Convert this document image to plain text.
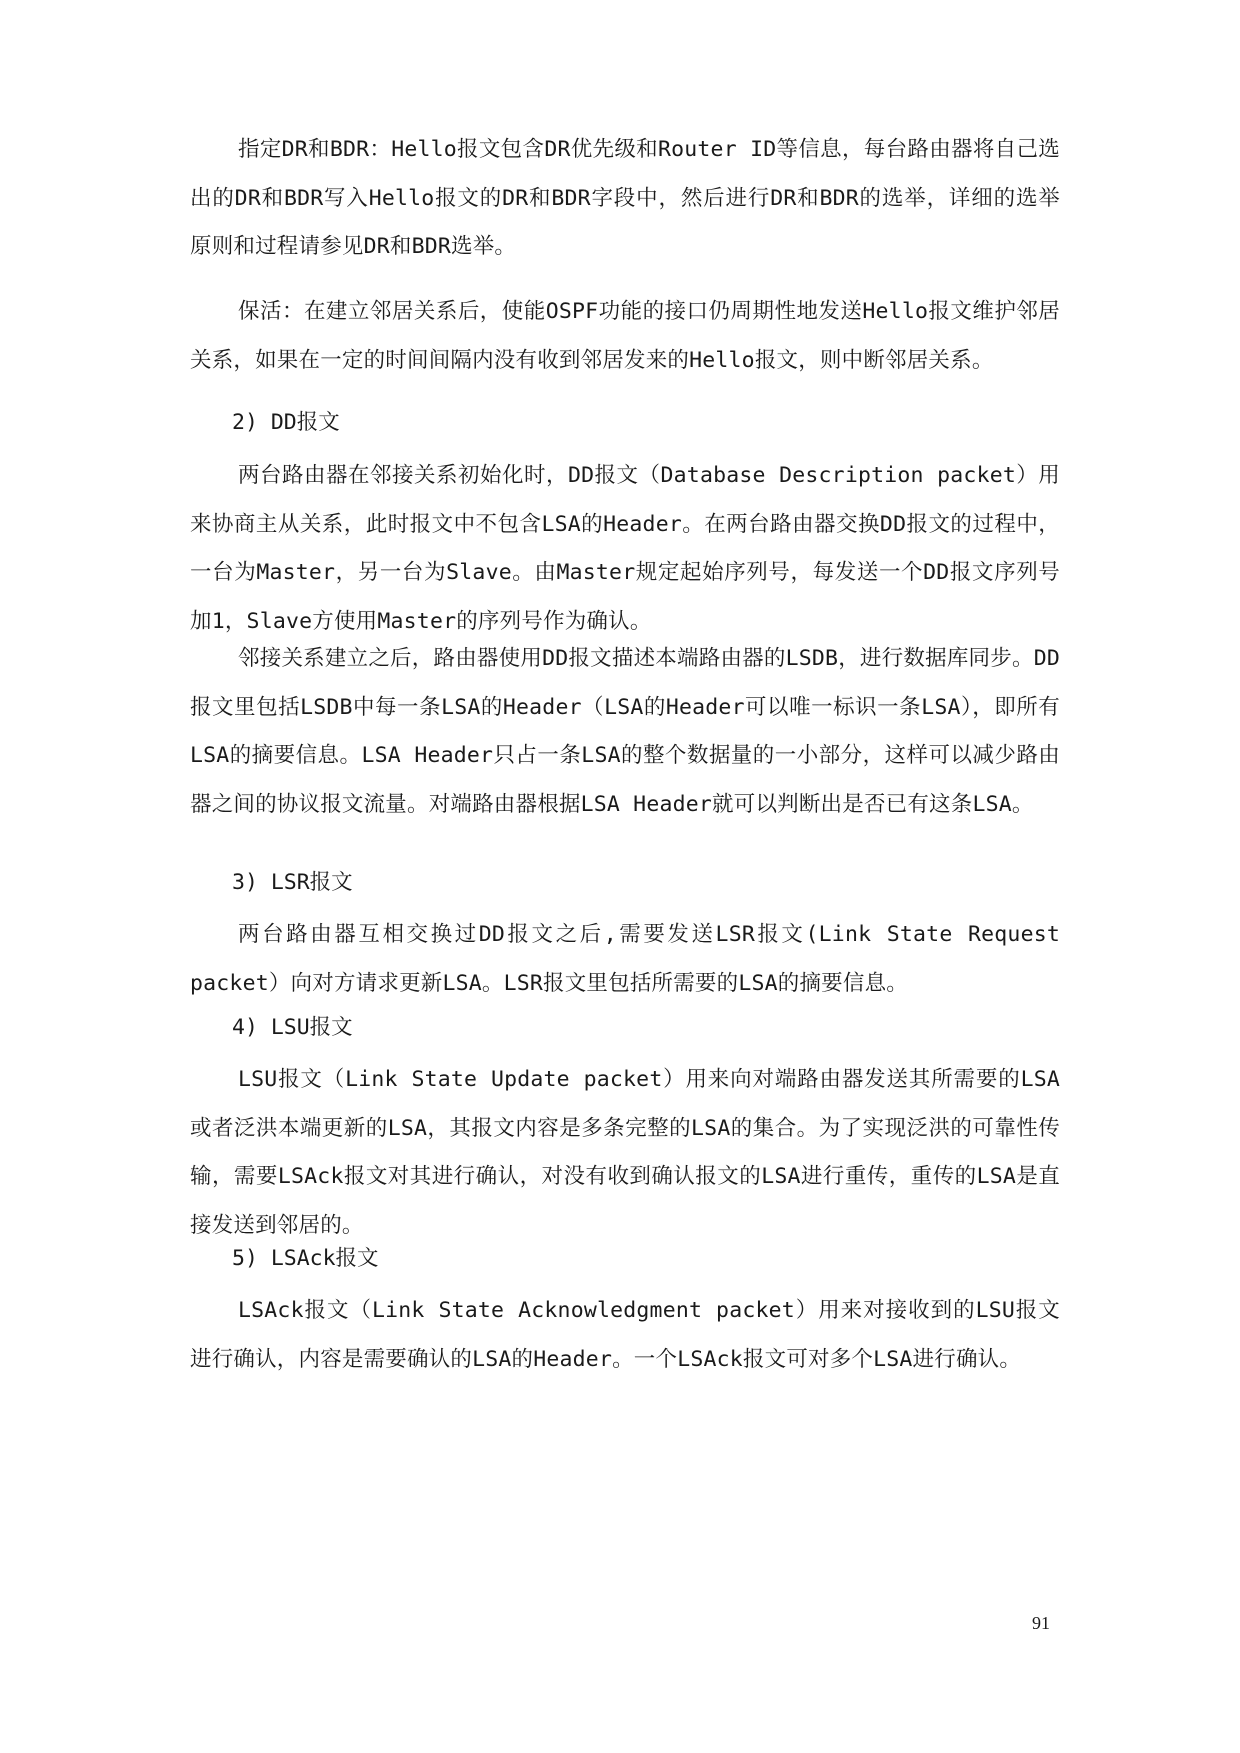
指定DR和BDR：Hello报文包含DR优先级和Router ID等信息，每台路由器将自己选出的DR和BDR写入Hello报文的DR和BDR字段中，然后进行DR和BDR的选举，详细的选举原则和过程请参见DR和BDR选举。

保活：在建立邻居关系后，使能OSPF功能的接口仍周期性地发送Hello报文维护邻居关系，如果在一定的时间间隔内没有收到邻居发来的Hello报文，则中断邻居关系。

2) DD报文

两台路由器在邻接关系初始化时，DD报文（Database Description packet）用来协商主从关系，此时报文中不包含LSA的Header。在两台路由器交换DD报文的过程中，一台为Master，另一台为Slave。由Master规定起始序列号，每发送一个DD报文序列号加1，Slave方使用Master的序列号作为确认。

邻接关系建立之后，路由器使用DD报文描述本端路由器的LSDB，进行数据库同步。DD报文里包括LSDB中每一条LSA的Header（LSA的Header可以唯一标识一条LSA），即所有LSA的摘要信息。LSA Header只占一条LSA的整个数据量的一小部分，这样可以减少路由器之间的协议报文流量。对端路由器根据LSA Header就可以判断出是否已有这条LSA。

3) LSR报文

两台路由器互相交换过DD报文之后,需要发送LSR报文(Link State Request packet）向对方请求更新LSA。LSR报文里包括所需要的LSA的摘要信息。

4) LSU报文

LSU报文（Link State Update packet）用来向对端路由器发送其所需要的LSA或者泛洪本端更新的LSA，其报文内容是多条完整的LSA的集合。为了实现泛洪的可靠性传输，需要LSAck报文对其进行确认，对没有收到确认报文的LSA进行重传，重传的LSA是直接发送到邻居的。

5) LSAck报文

LSAck报文（Link State Acknowledgment packet）用来对接收到的LSU报文进行确认，内容是需要确认的LSA的Header。一个LSAck报文可对多个LSA进行确认。

91
